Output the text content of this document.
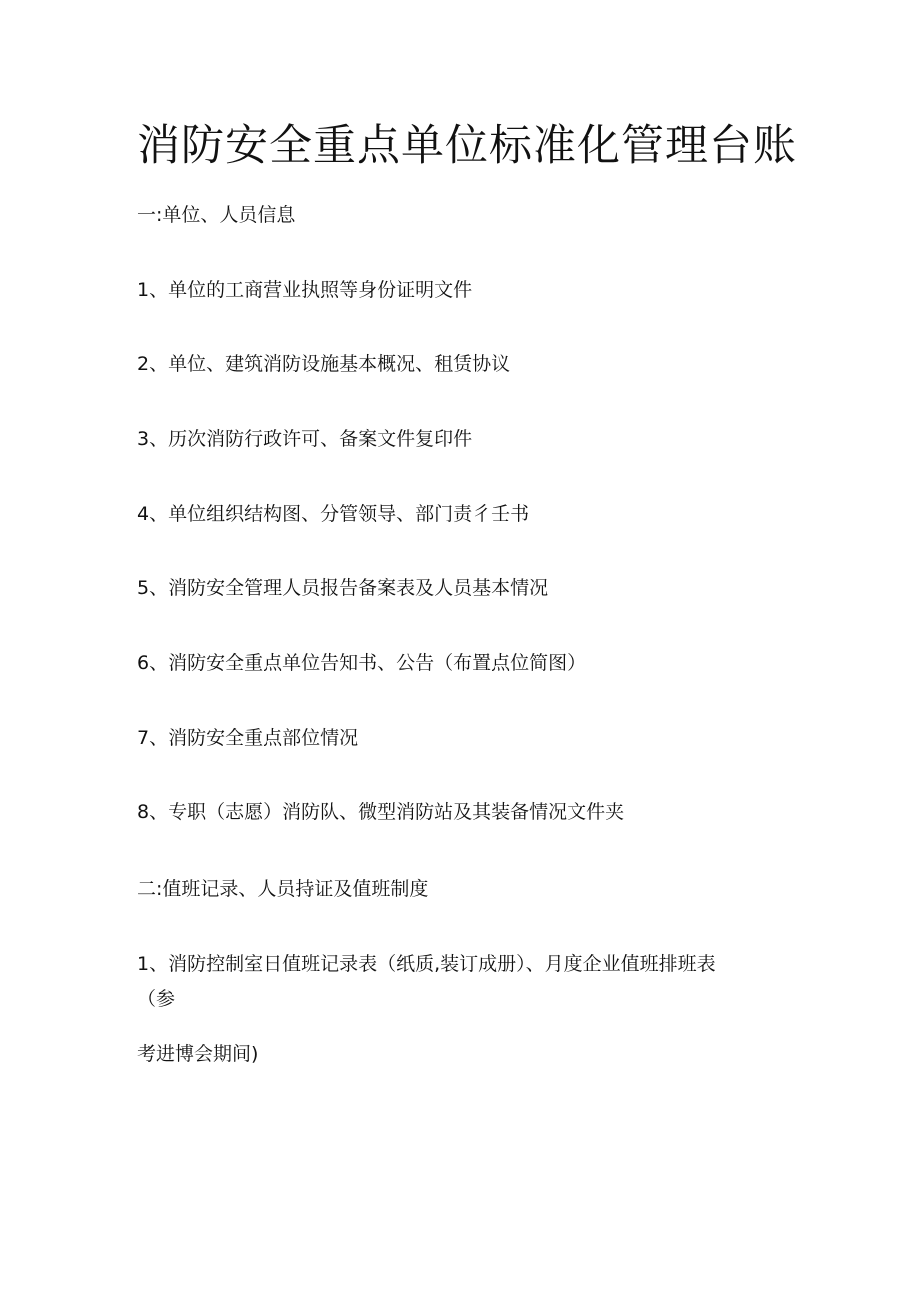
消防安全重点单位标准化管理台账

一:单位、人员信息

1、单位的工商营业执照等身份证明文件

2、单位、建筑消防设施基本概况、租赁协议

3、历次消防行政许可、备案文件复印件

4、单位组织结构图、分管领导、部门责彳壬书

5、消防安全管理人员报告备案表及人员基本情况

6、消防安全重点单位告知书、公告（布置点位简图）

7、消防安全重点部位情况

8、专职（志愿）消防队、微型消防站及其装备情况文件夹

二:值班记录、人员持证及值班制度

1、消防控制室日值班记录表（纸质,装订成册）、月度企业值班排班表

（参

考进博会期间)
